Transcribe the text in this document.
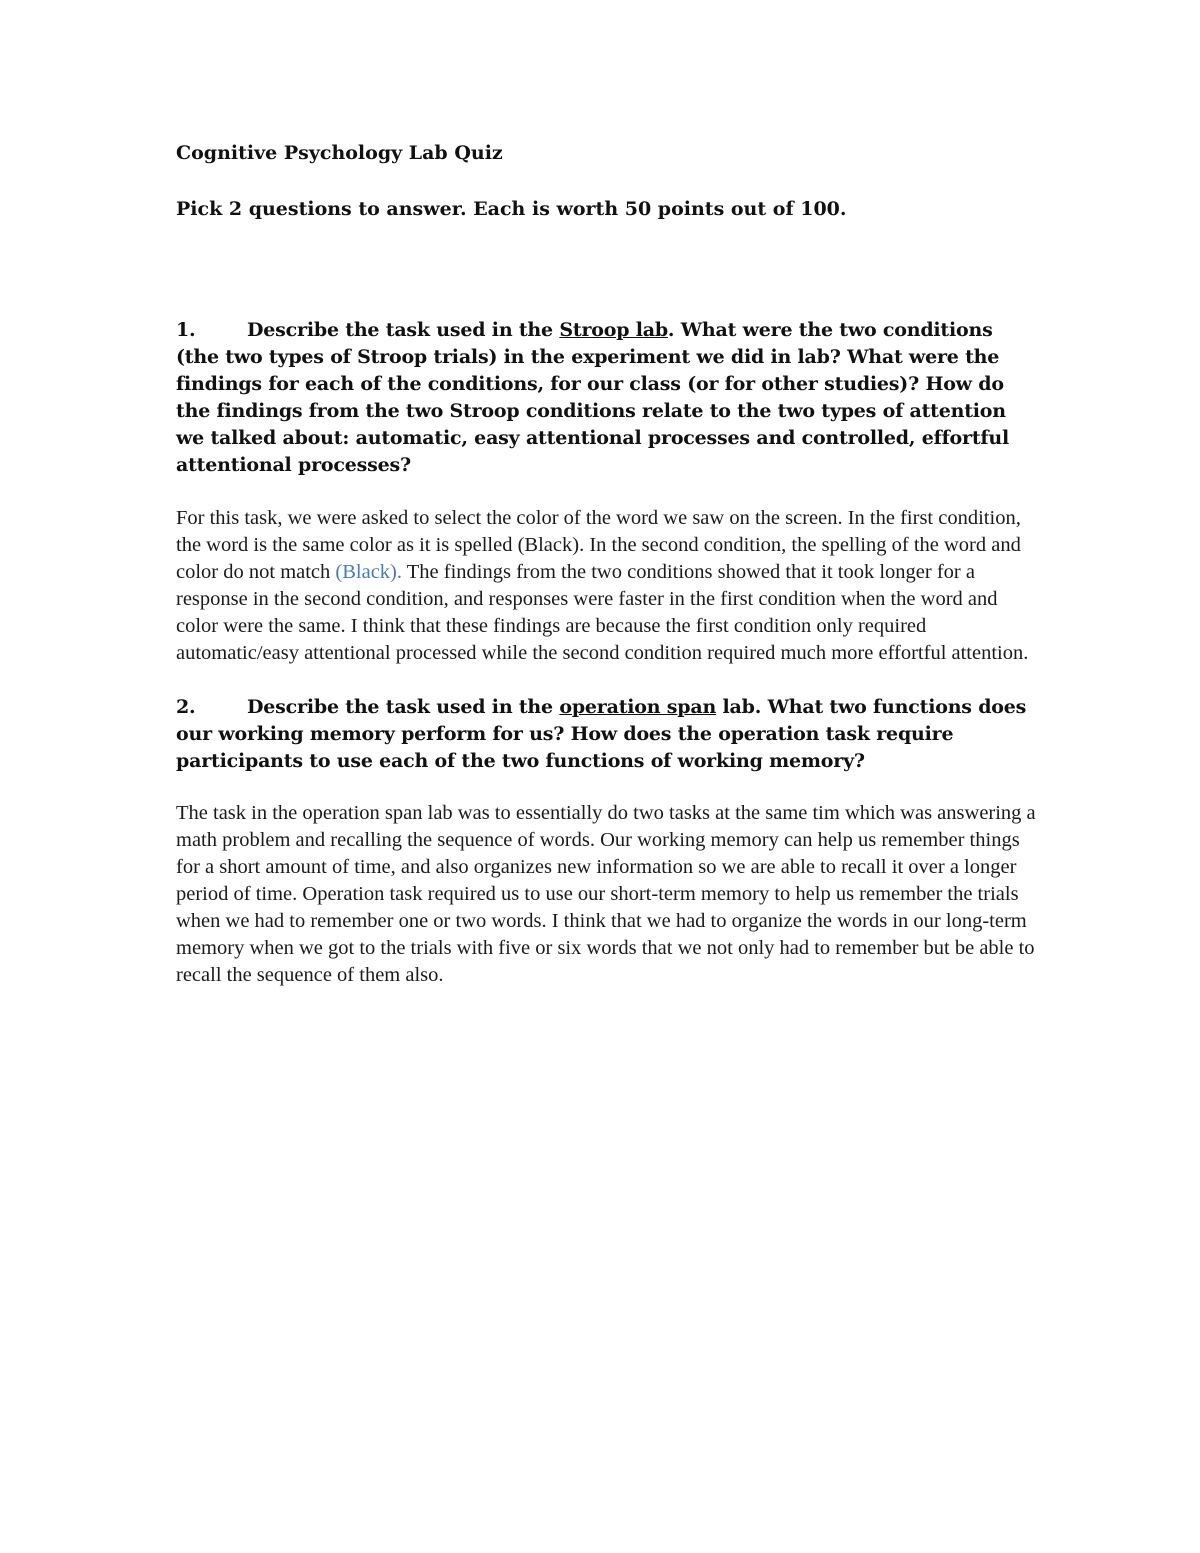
Cognitive Psychology Lab Quiz

Pick 2 questions to answer. Each is worth 50 points out of 100.

1.	Describe the task used in the Stroop lab. What were the two conditions (the two types of Stroop trials) in the experiment we did in lab? What were the findings for each of the conditions, for our class (or for other studies)? How do the findings from the two Stroop conditions relate to the two types of attention we talked about: automatic, easy attentional processes and controlled, effortful attentional processes?

For this task, we were asked to select the color of the word we saw on the screen. In the first condition, the word is the same color as it is spelled (Black). In the second condition, the spelling of the word and color do not match (Black). The findings from the two conditions showed that it took longer for a response in the second condition, and responses were faster in the first condition when the word and color were the same. I think that these findings are because the first condition only required automatic/easy attentional processed while the second condition required much more effortful attention.

2.	Describe the task used in the operation span lab. What two functions does our working memory perform for us? How does the operation task require participants to use each of the two functions of working memory?

The task in the operation span lab was to essentially do two tasks at the same tim which was answering a math problem and recalling the sequence of words. Our working memory can help us remember things for a short amount of time, and also organizes new information so we are able to recall it over a longer period of time. Operation task required us to use our short-term memory to help us remember the trials when we had to remember one or two words. I think that we had to organize the words in our long-term memory when we got to the trials with five or six words that we not only had to remember but be able to recall the sequence of them also.
